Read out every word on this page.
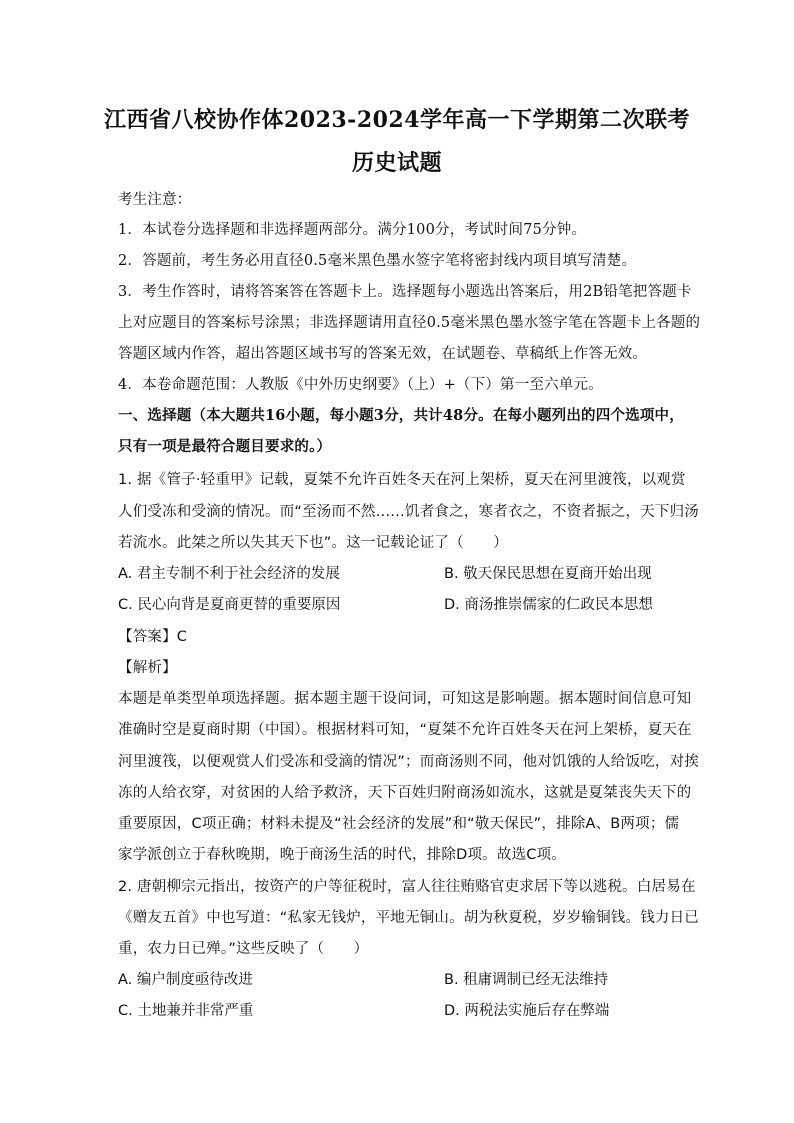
江西省八校协作体2023-2024学年高一下学期第二次联考
历史试题
考生注意：
1．本试卷分选择题和非选择题两部分。满分100分，考试时间75分钟。
2．答题前，考生务必用直径0.5毫米黑色墨水签字笔将密封线内项目填写清楚。
3．考生作答时，请将答案答在答题卡上。选择题每小题选出答案后，用2B铅笔把答题卡
上对应题目的答案标号涂黑；非选择题请用直径0.5毫米黑色墨水签字笔在答题卡上各题的
答题区域内作答，超出答题区域书写的答案无效，在试题卷、草稿纸上作答无效。
4．本卷命题范围：人教版《中外历史纲要》（上）+（下）第一至六单元。
一、选择题（本大题共16小题，每小题3分，共计48分。在每小题列出的四个选项中，
只有一项是最符合题目要求的。）
1. 据《管子·轻重甲》记载，夏桀不允许百姓冬天在河上架桥，夏天在河里渡筏，以观赏
人们受冻和受滴的情况。而“至汤而不然……饥者食之，寒者衣之，不资者振之，天下归汤
若流水。此桀之所以失其天下也”。这一记载论证了（　　）
A. 君主专制不利于社会经济的发展	B. 敬天保民思想在夏商开始出现
C. 民心向背是夏商更替的重要原因	D. 商汤推崇儒家的仁政民本思想
【答案】C
【解析】
本题是单类型单项选择题。据本题主题干设问词，可知这是影响题。据本题时间信息可知
准确时空是夏商时期（中国）。根据材料可知，“夏桀不允许百姓冬天在河上架桥，夏天在
河里渡筏，以便观赏人们受冻和受滴的情况”；而商汤则不同，他对饥饿的人给饭吃，对挨
冻的人给衣穿，对贫困的人给予救济，天下百姓归附商汤如流水，这就是夏桀丧失天下的
重要原因，C项正确；材料未提及“社会经济的发展”和“敬天保民”，排除A、B两项；儒
家学派创立于春秋晚期，晚于商汤生活的时代，排除D项。故选C项。
2. 唐朝柳宗元指出，按资产的户等征税时，富人往往贿赂官吏求居下等以逃税。白居易在
《赠友五首》中也写道：“私家无钱炉，平地无铜山。胡为秋夏税，岁岁输铜钱。钱力日已
重，农力日已殚。”这些反映了（　　）
A. 编户制度亟待改进	B. 租庸调制已经无法维持
C. 土地兼并非常严重	D. 两税法实施后存在弊端
